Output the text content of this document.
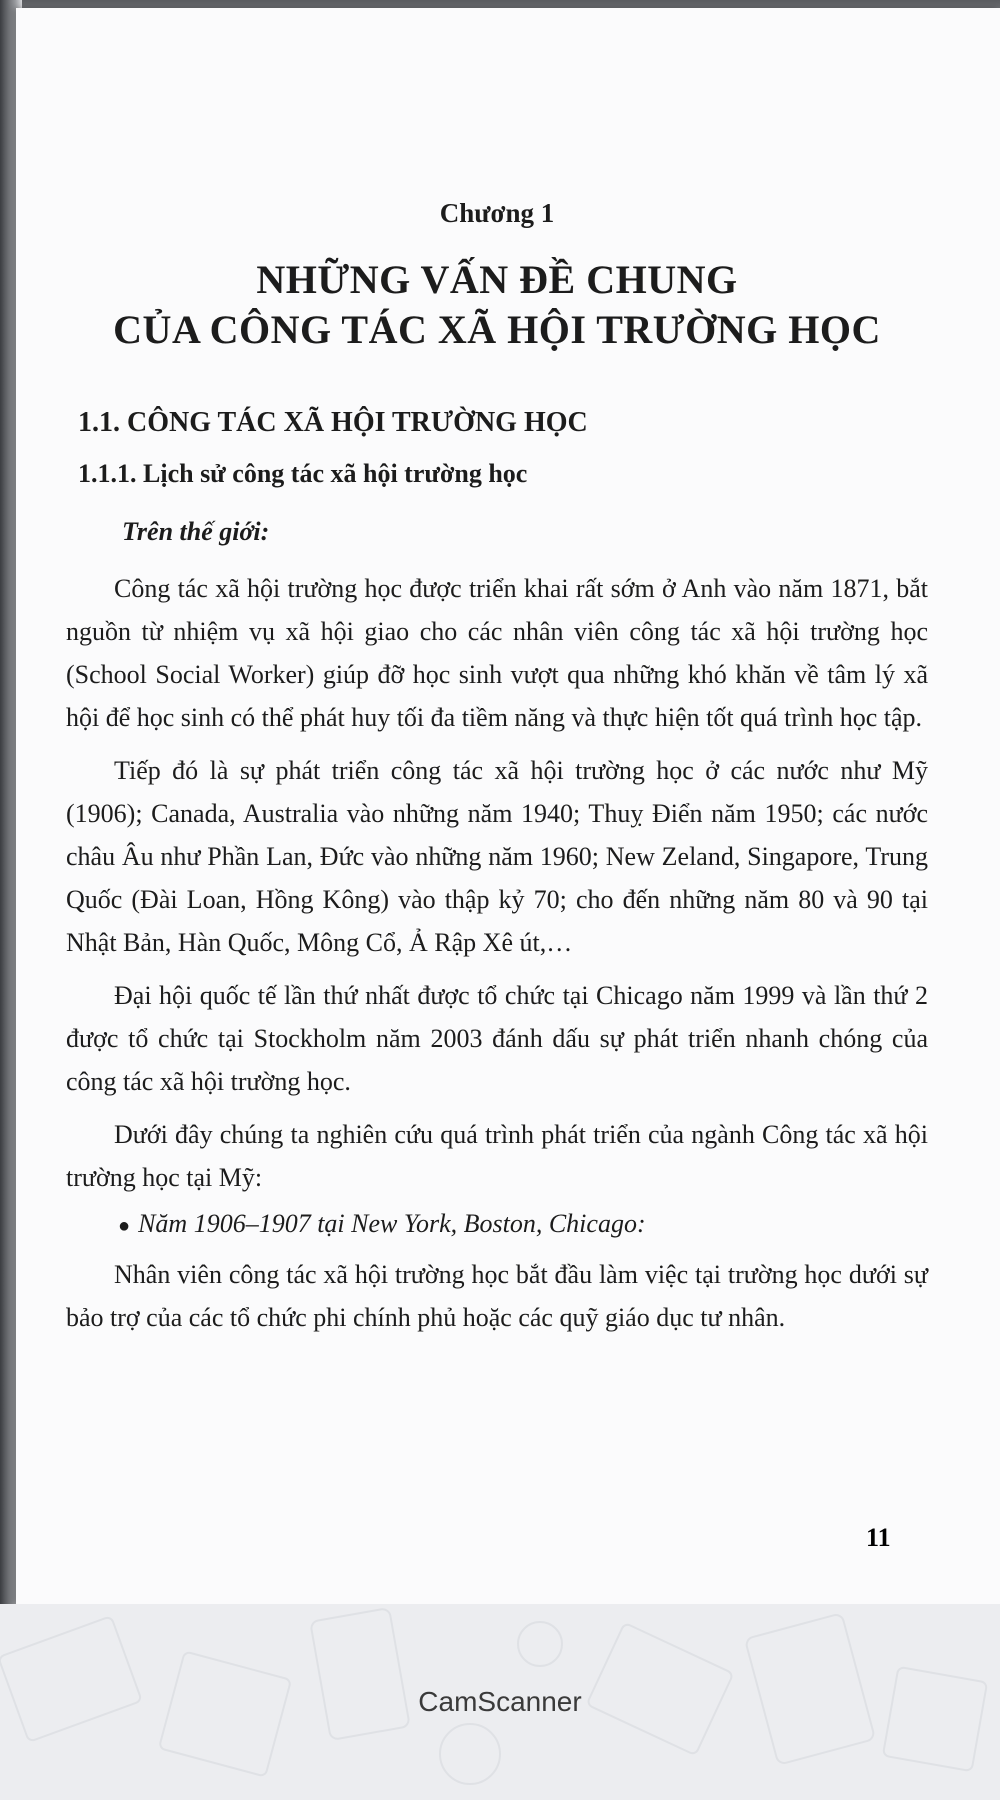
Chương 1
NHỮNG VẤN ĐỀ CHUNG
CỦA CÔNG TÁC XÃ HỘI TRƯỜNG HỌC
1.1. CÔNG TÁC XÃ HỘI TRƯỜNG HỌC
1.1.1. Lịch sử công tác xã hội trường học
Trên thế giới:

Công tác xã hội trường học được triển khai rất sớm ở Anh vào năm 1871, bắt nguồn từ nhiệm vụ xã hội giao cho các nhân viên công tác xã hội trường học (School Social Worker) giúp đỡ học sinh vượt qua những khó khăn về tâm lý xã hội để học sinh có thể phát huy tối đa tiềm năng và thực hiện tốt quá trình học tập.

Tiếp đó là sự phát triển công tác xã hội trường học ở các nước như Mỹ (1906); Canada, Australia vào những năm 1940; Thuỵ Điển năm 1950; các nước châu Âu như Phần Lan, Đức vào những năm 1960; New Zeland, Singapore, Trung Quốc (Đài Loan, Hồng Kông) vào thập kỷ 70; cho đến những năm 80 và 90 tại Nhật Bản, Hàn Quốc, Mông Cổ, Ả Rập Xê út,…

Đại hội quốc tế lần thứ nhất được tổ chức tại Chicago năm 1999 và lần thứ 2 được tổ chức tại Stockholm năm 2003 đánh dấu sự phát triển nhanh chóng của công tác xã hội trường học.

Dưới đây chúng ta nghiên cứu quá trình phát triển của ngành Công tác xã hội trường học tại Mỹ:

● Năm 1906–1907 tại New York, Boston, Chicago:

Nhân viên công tác xã hội trường học bắt đầu làm việc tại trường học dưới sự bảo trợ của các tổ chức phi chính phủ hoặc các quỹ giáo dục tư nhân.

11
CamScanner
